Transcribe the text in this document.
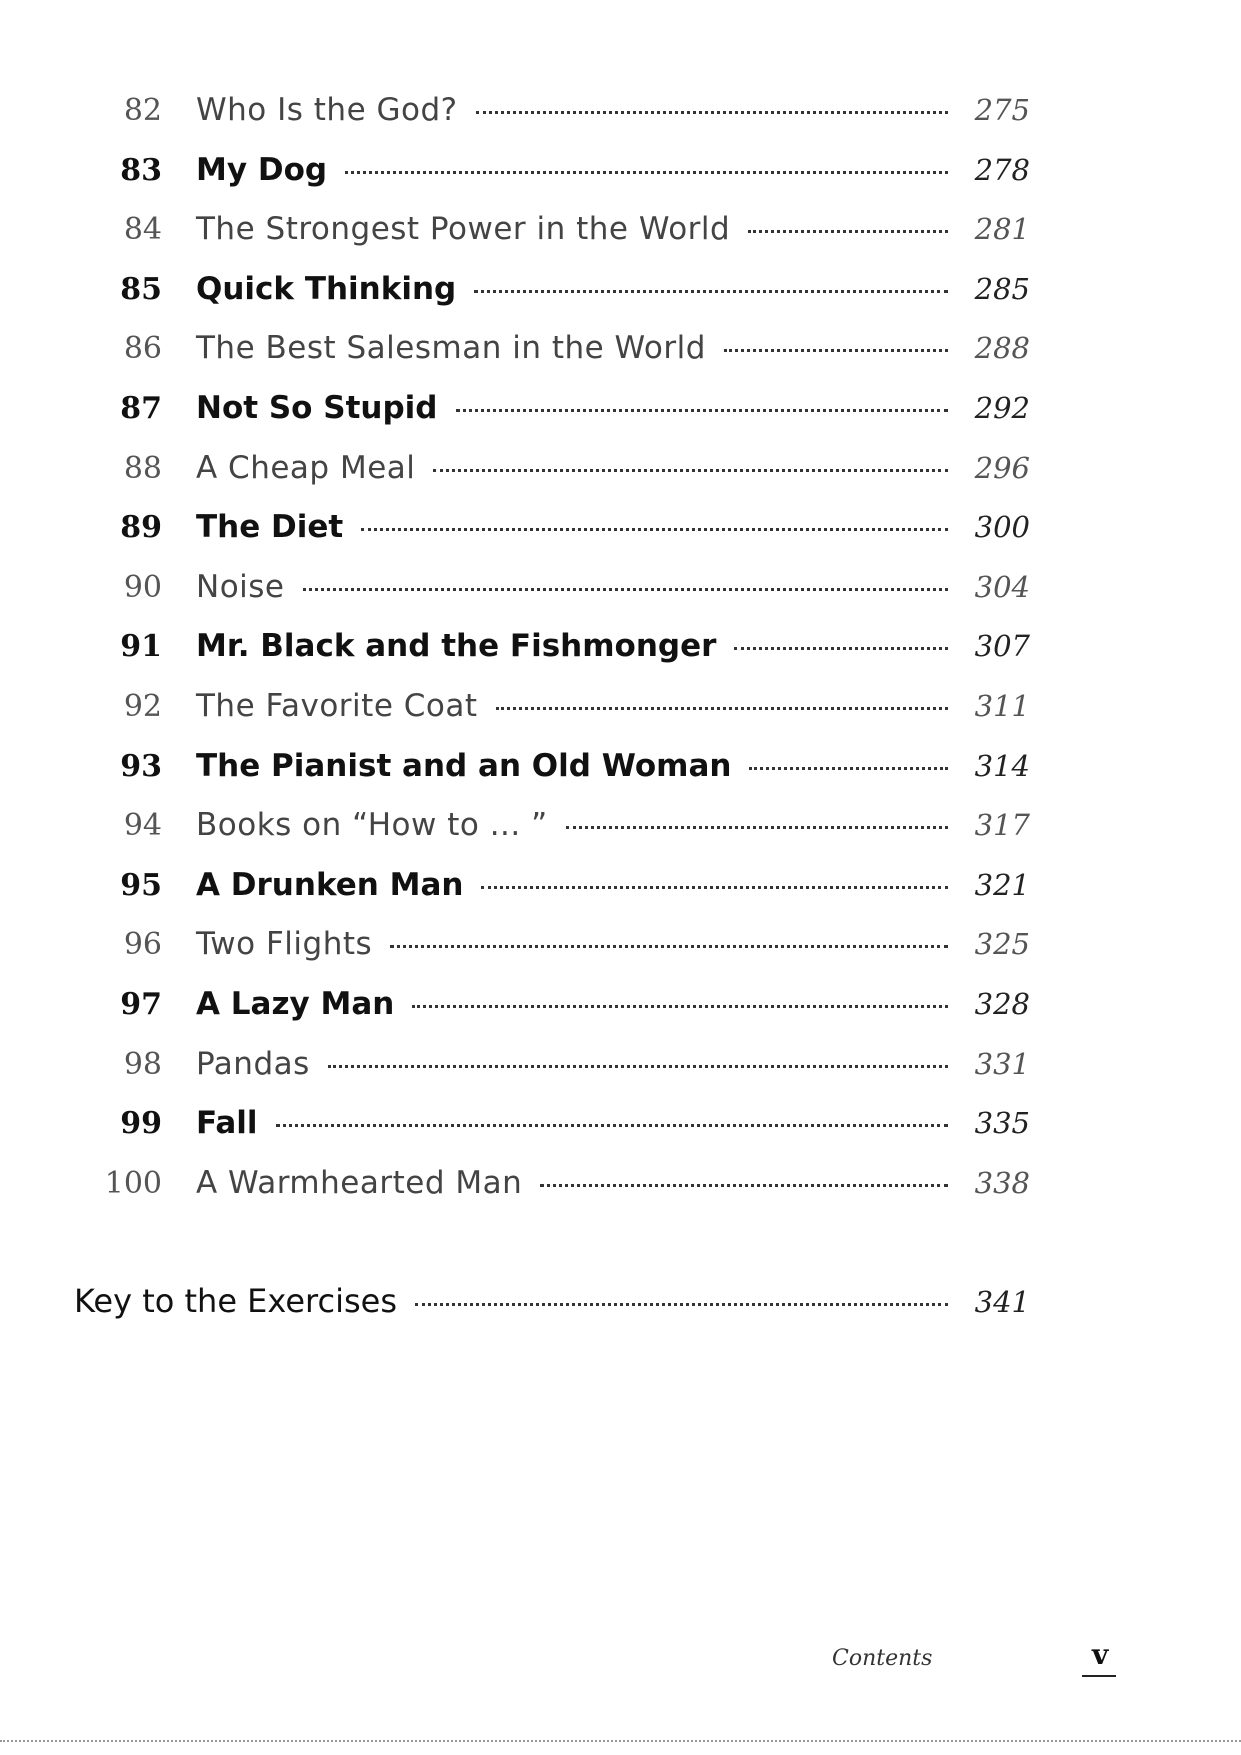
82	Who Is the God?	275
83	My Dog	278
84	The Strongest Power in the World	281
85	Quick Thinking	285
86	The Best Salesman in the World	288
87	Not So Stupid	292
88	A Cheap Meal	296
89	The Diet	300
90	Noise	304
91	Mr. Black and the Fishmonger	307
92	The Favorite Coat	311
93	The Pianist and an Old Woman	314
94	Books on “How to ... ”	317
95	A Drunken Man	321
96	Two Flights	325
97	A Lazy Man	328
98	Pandas	331
99	Fall	335
100	A Warmhearted Man	338
Key to the Exercises	341
Contents	v
